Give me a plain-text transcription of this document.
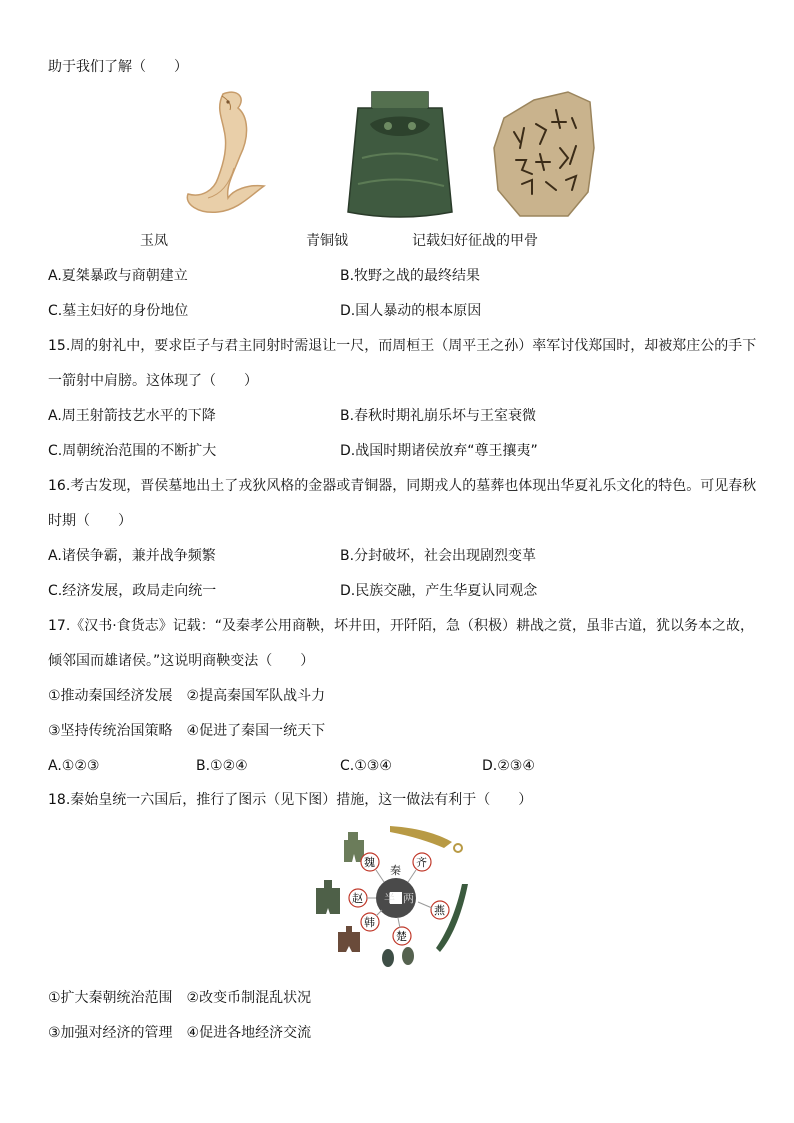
助于我们了解（　　）
玉凤	青铜钺	记载妇好征战的甲骨
A.夏桀暴政与商朝建立	B.牧野之战的最终结果
C.墓主妇好的身份地位	D.国人暴动的根本原因
15.周的射礼中，要求臣子与君主同射时需退让一尺，而周桓王（周平王之孙）率军讨伐郑国时，却被郑庄公的手下
一箭射中肩膀。这体现了（　　）
A.周王射箭技艺水平的下降	B.春秋时期礼崩乐坏与王室衰微
C.周朝统治范围的不断扩大	D.战国时期诸侯放弃“尊王攘夷”
16.考古发现，晋侯墓地出土了戎狄风格的金器或青铜器，同期戎人的墓葬也体现出华夏礼乐文化的特色。可见春秋
时期（　　）
A.诸侯争霸，兼并战争频繁	B.分封破坏，社会出现剧烈变革
C.经济发展，政局走向统一	D.民族交融，产生华夏认同观念
17.《汉书·食货志》记载：“及秦孝公用商鞅，坏井田，开阡陌，急（积极）耕战之赏，虽非古道，犹以务本之故，
倾邻国而雄诸侯。”这说明商鞅变法（　　）
①推动秦国经济发展　②提高秦国军队战斗力
③坚持传统治国策略　④促进了秦国一统天下
A.①②③	B.①②④	C.①③④	D.②③④
18.秦始皇统一六国后，推行了图示（见下图）措施，这一做法有利于（　　）
半 两
秦
魏	齐
燕
楚
韩
赵
①扩大秦朝统治范围　②改变币制混乱状况
③加强对经济的管理　④促进各地经济交流
